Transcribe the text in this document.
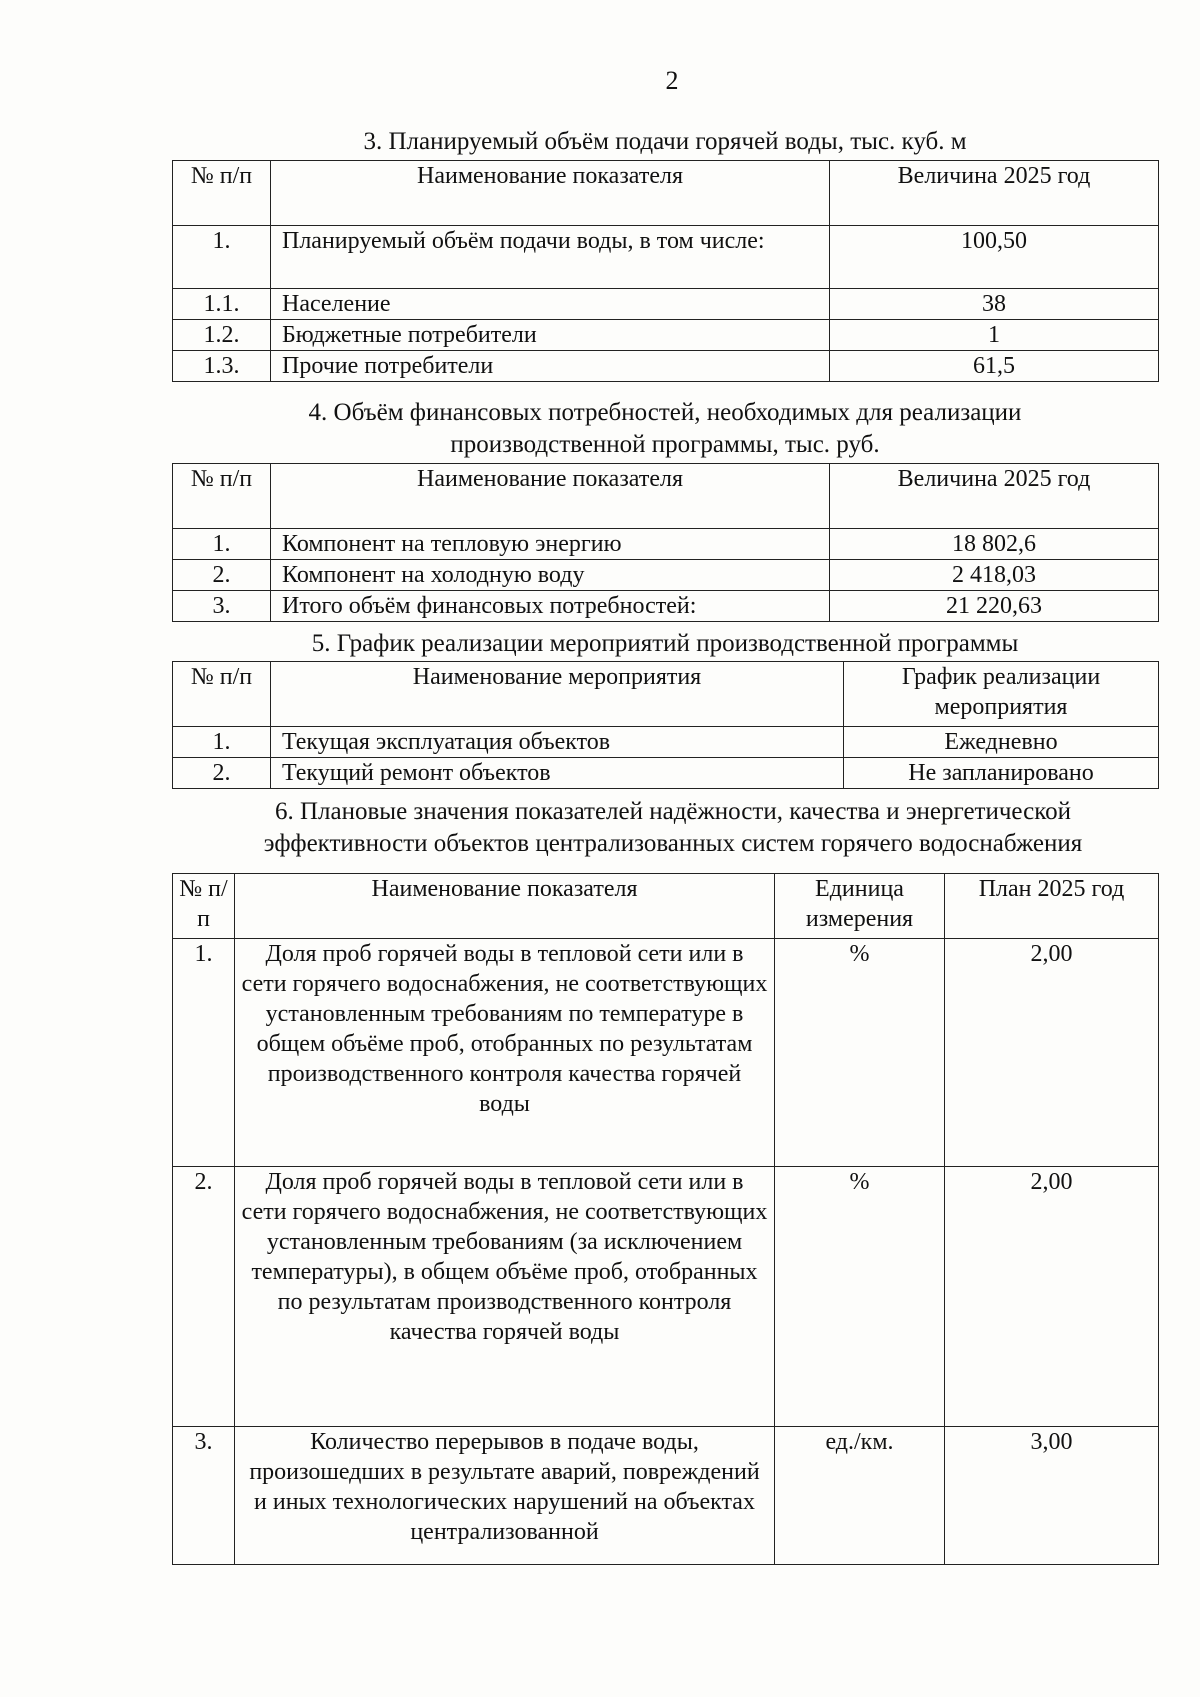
2
3. Планируемый объём подачи горячей воды, тыс. куб. м
№ п/п	Наименование показателя	Величина 2025 год
1.	Планируемый объём подачи воды, в том числе:	100,50
1.1.	Население	38
1.2.	Бюджетные потребители	1
1.3.	Прочие потребители	61,5
4. Объём финансовых потребностей, необходимых для реализации
производственной программы, тыс. руб.
№ п/п	Наименование показателя	Величина 2025 год
1.	Компонент на тепловую энергию	18 802,6
2.	Компонент на холодную воду	2 418,03
3.	Итого объём финансовых потребностей:	21 220,63
5. График реализации мероприятий производственной программы
№ п/п	Наименование мероприятия	График реализации мероприятия
1.	Текущая эксплуатация объектов	Ежедневно
2.	Текущий ремонт объектов	Не запланировано
6. Плановые значения показателей надёжности, качества и энергетической
эффективности объектов централизованных систем горячего водоснабжения
№ п/п	Наименование показателя	Единица измерения	План 2025 год
1.	Доля проб горячей воды в тепловой сети или в сети горячего водоснабжения, не соответствующих установленным требованиям по температуре в общем объёме проб, отобранных по результатам производственного контроля качества горячей воды	%	2,00
2.	Доля проб горячей воды в тепловой сети или в сети горячего водоснабжения, не соответствующих установленным требованиям (за исключением температуры), в общем объёме проб, отобранных по результатам производственного контроля качества горячей воды	%	2,00
3.	Количество перерывов в подаче воды, произошедших в результате аварий, повреждений и иных технологических нарушений на объектах централизованной	ед./км.	3,00
